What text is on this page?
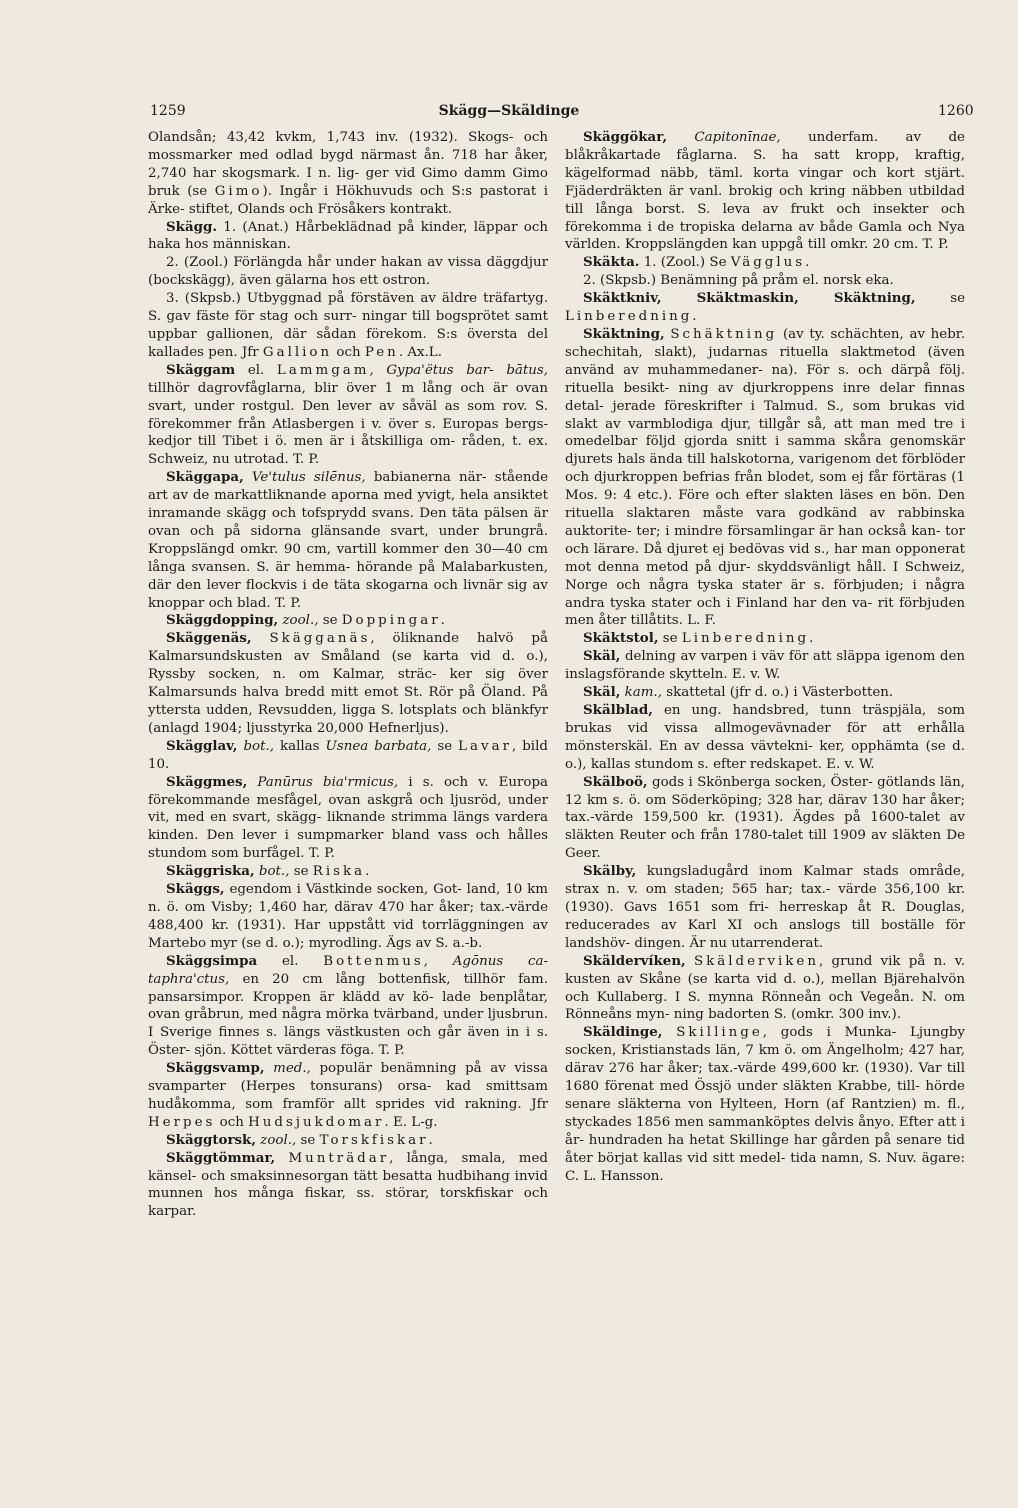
1259	Skägg—Skäldinge	1260

Olandsån; 43,42 kvkm, 1,743 inv. (1932). Skogs- och mossmarker med odlad bygd närmast ån. 718 har åker, 2,740 har skogsmark. I n. lig- ger vid Gimo damm Gimo bruk (se Gimo). Ingår i Hökhuvuds och S:s pastorat i Ärke- stiftet, Olands och Frösåkers kontrakt.

Skägg. 1. (Anat.) Hårbeklädnad på kinder, läppar och haka hos människan.

2. (Zool.) Förlängda hår under hakan av vissa däggdjur (bockskägg), även gälarna hos ett ostron.

3. (Skpsb.) Utbyggnad på förstäven av äldre träfartyg. S. gav fäste för stag och surr- ningar till bogsprötet samt uppbar gallionen, där sådan förekom. S:s översta del kallades pen. Jfr Gallion och Pen. Ax.L.

Skäggam el. Lammgam, Gypa'ëtus bar- bātus, tillhör dagrovfåglarna, blir över 1 m lång och är ovan svart, under rostgul. Den lever av såväl as som rov. S. förekommer från Atlasbergen i v. över s. Europas bergs- kedjor till Tibet i ö. men är i åtskilliga om- råden, t. ex. Schweiz, nu utrotad. T. P.

Skäggapa, Ve'tulus silēnus, babianerna när- stående art av de markattliknande aporna med yvigt, hela ansiktet inramande skägg och tofsprydd svans. Den täta pälsen är ovan och på sidorna glänsande svart, under brungrå. Kroppslängd omkr. 90 cm, vartill kommer den 30—40 cm långa svansen. S. är hemma- hörande på Malabarkusten, där den lever flockvis i de täta skogarna och livnär sig av knoppar och blad. T. P.

Skäggdopping, zool., se Doppingar.

Skäggenäs, Skägganäs, öliknande halvö på Kalmarsundskusten av Småland (se karta vid d. o.), Ryssby socken, n. om Kalmar, sträc- ker sig över Kalmarsunds halva bredd mitt emot St. Rör på Öland. På yttersta udden, Revsudden, ligga S. lotsplats och blänkfyr (anlagd 1904; ljusstyrka 20,000 Hefnerljus).

Skägglav, bot., kallas Usnea barbata, se Lavar, bild 10.

Skäggmes, Panūrus bia'rmicus, i s. och v. Europa förekommande mesfågel, ovan askgrå och ljusröd, under vit, med en svart, skägg- liknande strimma längs vardera kinden. Den lever i sumpmarker bland vass och hålles stundom som burfågel. T. P.

Skäggriska, bot., se Riska.

Skäggs, egendom i Västkinde socken, Got- land, 10 km n. ö. om Visby; 1,460 har, därav 470 har åker; tax.-värde 488,400 kr. (1931). Har uppstått vid torrläggningen av Martebo myr (se d. o.); myrodling. Ägs av S. a.-b.

Skäggsimpa el. Bottenmus, Agōnus ca- taphra'ctus, en 20 cm lång bottenfisk, tillhör fam. pansarsimpor. Kroppen är klädd av kö- lade benplåtar, ovan gråbrun, med några mörka tvärband, under ljusbrun. I Sverige finnes s. längs västkusten och går även in i s. Öster- sjön. Köttet värderas föga. T. P.

Skäggsvamp, med., populär benämning på av vissa svamparter (Herpes tonsurans) orsa- kad smittsam hudåkomma, som framför allt sprides vid rakning. Jfr Herpes och Hudsjukdomar. E. L-g.

Skäggtorsk, zool., se Torskfiskar.

Skäggtömmar, Munträdar, långa, smala, med känsel- och smaksinnesorgan tätt besatta hudbihang invid munnen hos många fiskar, ss. störar, torskfiskar och karpar.

Skäggökar, Capitonīnae, underfam. av de blåkråkartade fåglarna. S. ha satt kropp, kraftig, kägelformad näbb, täml. korta vingar och kort stjärt. Fjäderdräkten är vanl. brokig och kring näbben utbildad till långa borst. S. leva av frukt och insekter och förekomma i de tropiska delarna av både Gamla och Nya världen. Kroppslängden kan uppgå till omkr. 20 cm. T. P.

Skäkta. 1. (Zool.) Se Vägglus.

2. (Skpsb.) Benämning på pråm el. norsk eka.

Skäktkniv, Skäktmaskin, Skäktning,	se Linberedning.

Skäktning, Schäktning (av ty. schächten, av hebr. schechitah, slakt), judarnas rituella slaktmetod (även använd av muhammedaner- na). För s. och därpå följ. rituella besikt- ning av djurkroppens inre delar finnas detal- jerade föreskrifter i Talmud. S., som brukas vid slakt av varmblodiga djur, tillgår så, att man med tre i omedelbar följd gjorda snitt i samma skåra genomskär djurets hals ända till halskotorna, varigenom det förblöder och djurkroppen befrias från blodet, som ej får förtäras (1 Mos. 9: 4 etc.). Före och efter slakten läses en bön. Den rituella slaktaren måste vara godkänd av rabbinska auktorite- ter; i mindre församlingar är han också kan- tor och lärare. Då djuret ej bedövas vid s., har man opponerat mot denna metod på djur- skyddsvänligt håll. I Schweiz, Norge och några tyska stater är s. förbjuden; i några andra tyska stater och i Finland har den va- rit förbjuden men åter tillåtits. L. F.

Skäktstol, se Linberedning.

Skäl, delning av varpen i väv för att släppa igenom den inslagsförande skytteln. E. v. W.

Skäl, kam., skattetal (jfr d. o.) i Västerbotten.

Skälblad, en ung. handsbred, tunn träspjäla, som brukas vid vissa allmogevävnader för att erhålla mönsterskäl. En av dessa vävtekni- ker, opphämta (se d. o.), kallas stundom s. efter redskapet. E. v. W.

Skälboö, gods i Skönberga socken, Öster- götlands län, 12 km s. ö. om Söderköping; 328 har, därav 130 har åker; tax.-värde 159,500 kr. (1931). Ägdes på 1600-talet av släkten Reuter och från 1780-talet till 1909 av släkten De Geer.

Skälby, kungsladugård inom Kalmar stads område, strax n. v. om staden; 565 har; tax.- värde 356,100 kr. (1930). Gavs 1651 som fri- herreskap åt R. Douglas, reducerades av Karl XI och anslogs till boställe för landshöv- dingen. Är nu utarrenderat.

Skäldervíken, Skälderviken, grund vik på n. v. kusten av Skåne (se karta vid d. o.), mellan Bjärehalvön och Kullaberg. I S. mynna Rönneån och Vegeån. N. om Rönneåns myn- ning badorten S. (omkr. 300 inv.).

Skäldinge, Skillinge, gods i Munka- Ljungby socken, Kristianstads län, 7 km ö. om Ängelholm; 427 har, därav 276 har åker; tax.-värde 499,600 kr. (1930). Var till 1680 förenat med Össjö under släkten Krabbe, till- hörde senare släkterna von Hylteen, Horn (af Rantzien) m. fl., styckades 1856 men sammanköptes delvis ånyo. Efter att i år- hundraden ha hetat Skillinge har gården på senare tid åter börjat kallas vid sitt medel- tida namn, S. Nuv. ägare: C. L. Hansson.
